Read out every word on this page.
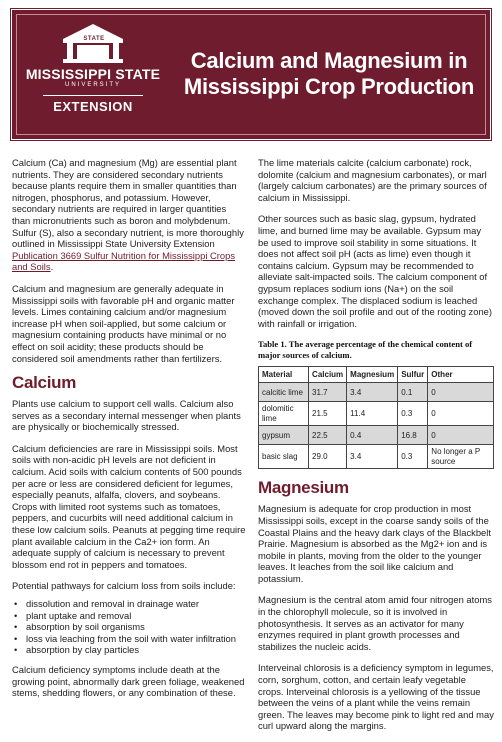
STATE
MISSISSIPPI STATE
UNIVERSITY
EXTENSION
Calcium and Magnesium in Mississippi Crop Production

Calcium (Ca) and magnesium (Mg) are essential plant nutrients. They are considered secondary nutrients because plants require them in smaller quantities than nitrogen, phosphorus, and potassium. However, secondary nutrients are required in larger quantities than micronutrients such as boron and molybdenum. Sulfur (S), also a secondary nutrient, is more thoroughly outlined in Mississippi State University Extension Publication 3669 Sulfur Nutrition for Mississippi Crops and Soils.

Calcium and magnesium are generally adequate in Mississippi soils with favorable pH and organic matter levels. Limes containing calcium and/or magnesium increase pH when soil-applied, but some calcium or magnesium containing products have minimal or no effect on soil acidity; these products should be considered soil amendments rather than fertilizers.

Calcium

Plants use calcium to support cell walls. Calcium also serves as a secondary internal messenger when plants are physically or biochemically stressed.

Calcium deficiencies are rare in Mississippi soils. Most soils with non-acidic pH levels are not deficient in calcium. Acid soils with calcium contents of 500 pounds per acre or less are considered deficient for legumes, especially peanuts, alfalfa, clovers, and soybeans. Crops with limited root systems such as tomatoes, peppers, and cucurbits will need additional calcium in these low calcium soils. Peanuts at pegging time require plant available calcium in the Ca2+ ion form. An adequate supply of calcium is necessary to prevent blossom end rot in peppers and tomatoes.

Potential pathways for calcium loss from soils include:

• dissolution and removal in drainage water
• plant uptake and removal
• absorption by soil organisms
• loss via leaching from the soil with water infiltration
• absorption by clay particles

Calcium deficiency symptoms include death at the growing point, abnormally dark green foliage, weakened stems, shedding flowers, or any combination of these.

The lime materials calcite (calcium carbonate) rock, dolomite (calcium and magnesium carbonates), or marl (largely calcium carbonates) are the primary sources of calcium in Mississippi.

Other sources such as basic slag, gypsum, hydrated lime, and burned lime may be available. Gypsum may be used to improve soil stability in some situations. It does not affect soil pH (acts as lime) even though it contains calcium. Gypsum may be recommended to alleviate salt-impacted soils. The calcium component of gypsum replaces sodium ions (Na+) on the soil exchange complex. The displaced sodium is leached (moved down the soil profile and out of the rooting zone) with rainfall or irrigation.

Table 1. The average percentage of the chemical content of major sources of calcium.
Material	Calcium	Magnesium	Sulfur	Other
calcitic lime	31.7	3.4	0.1	0
dolomitic lime	21.5	11.4	0.3	0
gypsum	22.5	0.4	16.8	0
basic slag	29.0	3.4	0.3	No longer a P source
Magnesium

Magnesium is adequate for crop production in most Mississippi soils, except in the coarse sandy soils of the Coastal Plains and the heavy dark clays of the Blackbelt Prairie. Magnesium is absorbed as the Mg2+ ion and is mobile in plants, moving from the older to the younger leaves. It leaches from the soil like calcium and potassium.

Magnesium is the central atom amid four nitrogen atoms in the chlorophyll molecule, so it is involved in photosynthesis. It serves as an activator for many enzymes required in plant growth processes and stabilizes the nucleic acids.

Interveinal chlorosis is a deficiency symptom in legumes, corn, sorghum, cotton, and certain leafy vegetable crops. Interveinal chlorosis is a yellowing of the tissue between the veins of a plant while the veins remain green. The leaves may become pink to light red and may curl upward along the margins.
